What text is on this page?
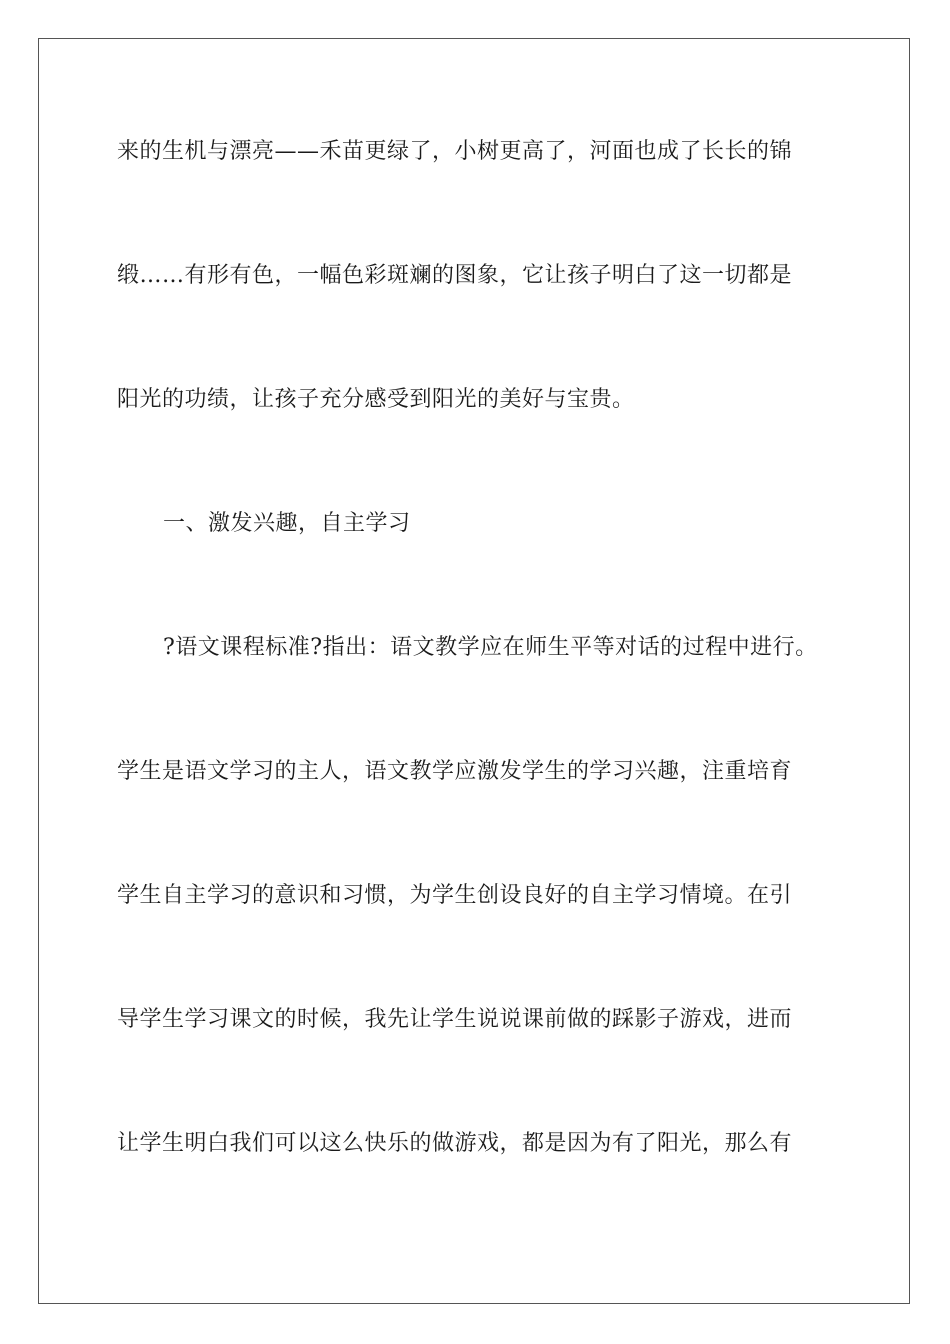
来的生机与漂亮——禾苗更绿了，小树更高了，河面也成了长长的锦
缎……有形有色，一幅色彩斑斓的图象，它让孩子明白了这一切都是
阳光的功绩，让孩子充分感受到阳光的美好与宝贵。
一、激发兴趣，自主学习
?语文课程标准?指出：语文教学应在师生平等对话的过程中进行。
学生是语文学习的主人，语文教学应激发学生的学习兴趣，注重培育
学生自主学习的意识和习惯，为学生创设良好的自主学习情境。在引
导学生学习课文的时候，我先让学生说说课前做的踩影子游戏，进而
让学生明白我们可以这么快乐的做游戏，都是因为有了阳光，那么有
